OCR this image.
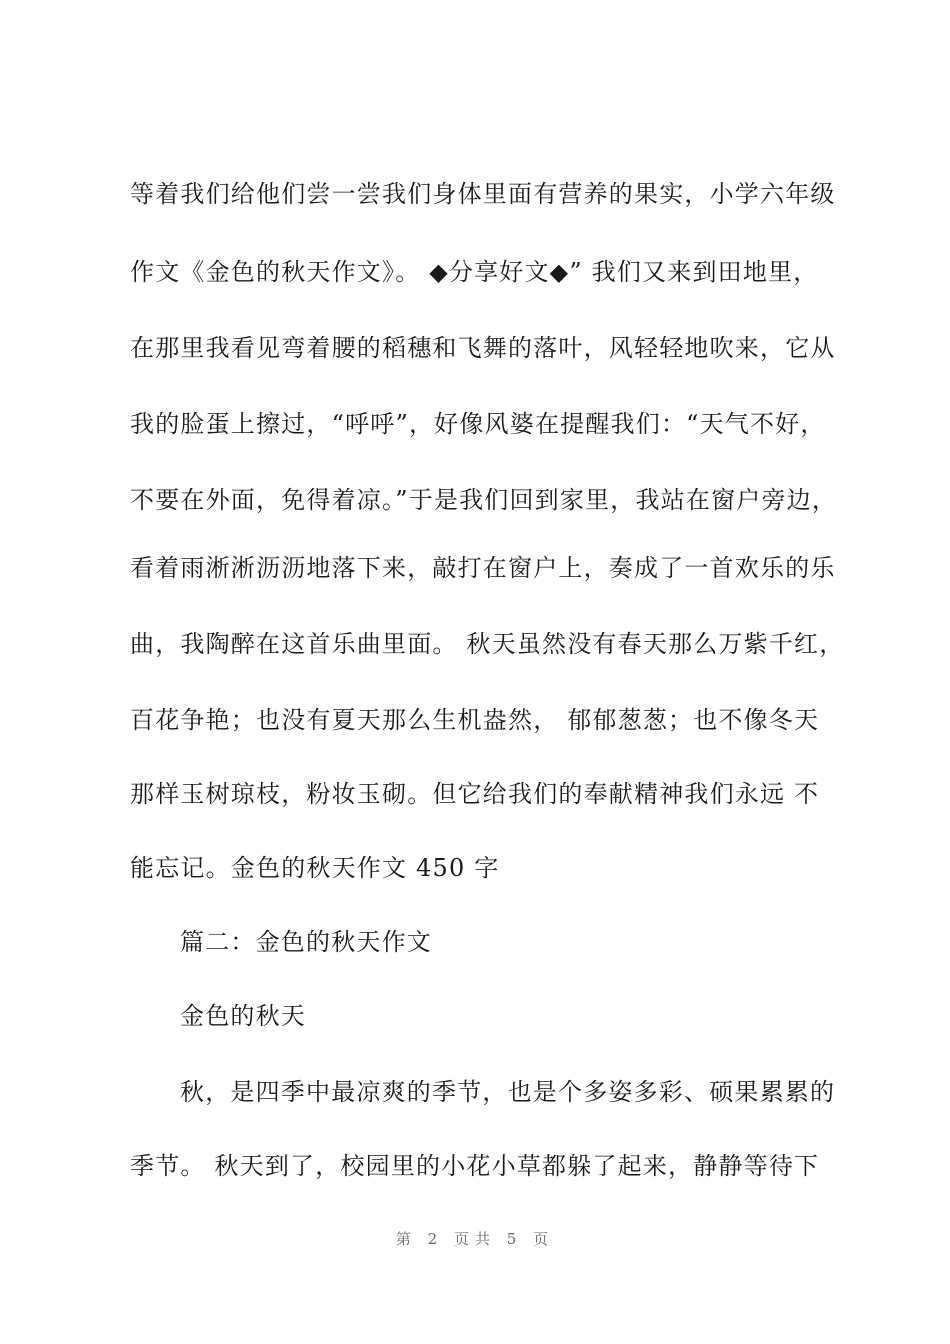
等着我们给他们尝一尝我们身体里面有营养的果实，小学六年级
作文《金色的秋天作文》。 ◆分享好文◆” 我们又来到田地里，
在那里我看见弯着腰的稻穗和飞舞的落叶，风轻轻地吹来，它从
我的脸蛋上擦过，“呼呼”，好像风婆在提醒我们：“天气不好，
不要在外面，免得着凉。”于是我们回到家里，我站在窗户旁边，
看着雨淅淅沥沥地落下来，敲打在窗户上，奏成了一首欢乐的乐
曲，我陶醉在这首乐曲里面。 秋天虽然没有春天那么万紫千红，
百花争艳；也没有夏天那么生机盎然， 郁郁葱葱；也不像冬天
那样玉树琼枝，粉妆玉砌。但它给我们的奉献精神我们永远 不
能忘记。金色的秋天作文 450 字
篇二：金色的秋天作文
金色的秋天
秋，是四季中最凉爽的季节，也是个多姿多彩、硕果累累的
季节。 秋天到了，校园里的小花小草都躲了起来，静静等待下
第 2 页共 5 页
